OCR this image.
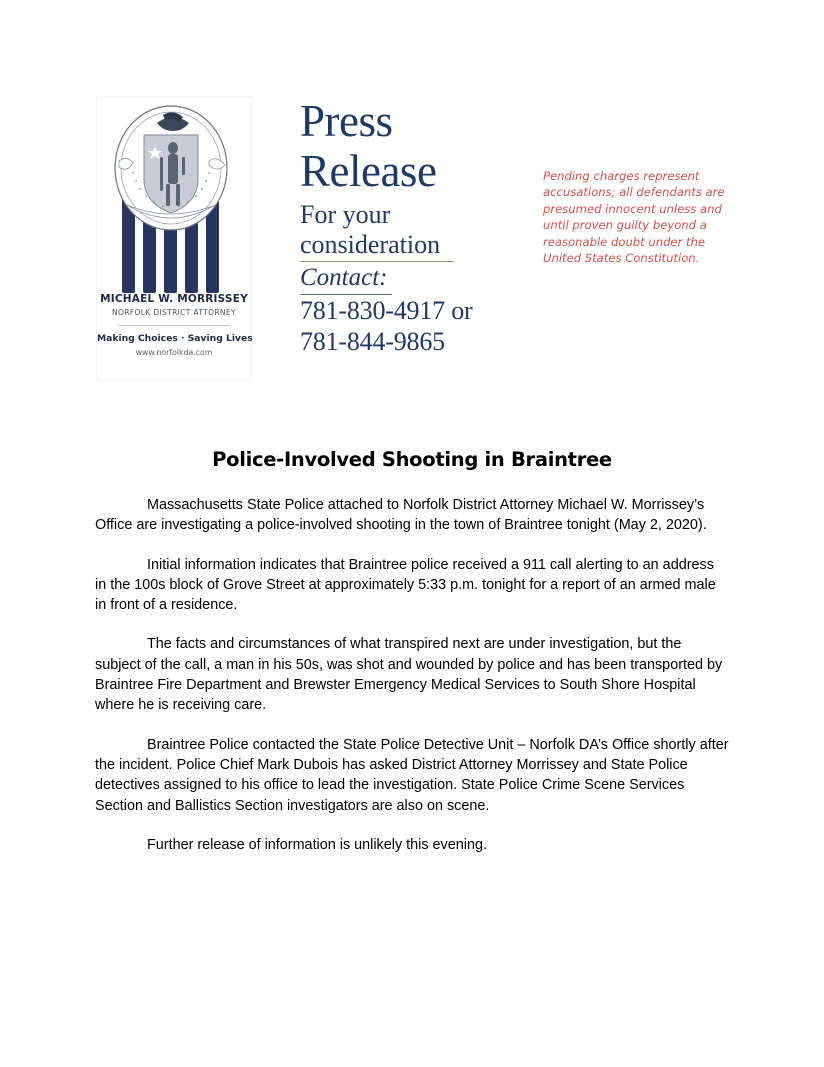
MICHAEL W. MORRISSEY
NORFOLK DISTRICT ATTORNEY
Making Choices · Saving Lives
www.norfolkda.com
Press
Release
For your
consideration
Contact:
781-830-4917 or
781-844-9865
Pending charges represent accusations; all defendants are presumed innocent unless and until proven guilty beyond a reasonable doubt under the United States Constitution.
Police-Involved Shooting in Braintree

Massachusetts State Police attached to Norfolk District Attorney Michael W. Morrissey’s Office are investigating a police-involved shooting in the town of Braintree tonight (May 2, 2020).

Initial information indicates that Braintree police received a 911 call alerting to an address in the 100s block of Grove Street at approximately 5:33 p.m. tonight for a report of an armed male in front of a residence.

The facts and circumstances of what transpired next are under investigation, but the subject of the call, a man in his 50s, was shot and wounded by police and has been transported by Braintree Fire Department and Brewster Emergency Medical Services to South Shore Hospital where he is receiving care.

Braintree Police contacted the State Police Detective Unit – Norfolk DA’s Office shortly after the incident. Police Chief Mark Dubois has asked District Attorney Morrissey and State Police detectives assigned to his office to lead the investigation. State Police Crime Scene Services Section and Ballistics Section investigators are also on scene.

Further release of information is unlikely this evening.
